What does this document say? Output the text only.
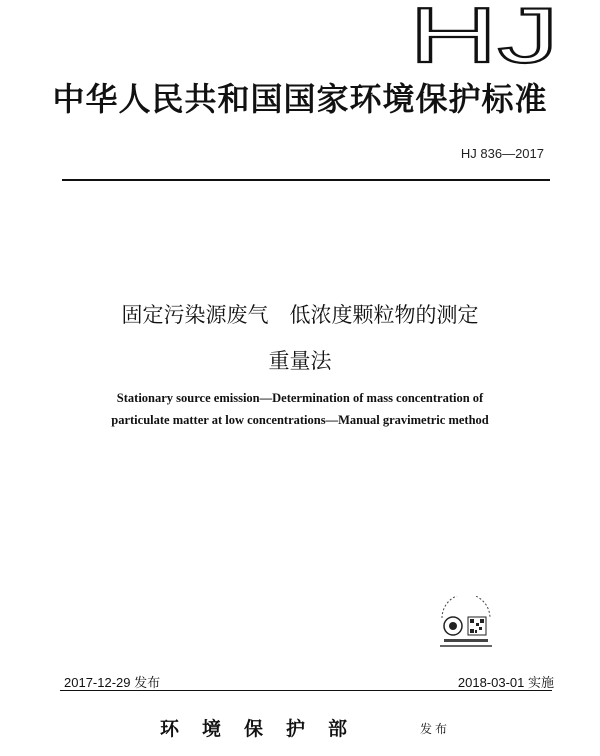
HJ
中华人民共和国国家环境保护标准
HJ 836—2017
固定污染源废气　低浓度颗粒物的测定
重量法
Stationary source emission—Determination of mass concentration of
particulate matter at low concentrations—Manual gravimetric method
2017-12-29 发布	2018-03-01 实施
环境保护部	发布
